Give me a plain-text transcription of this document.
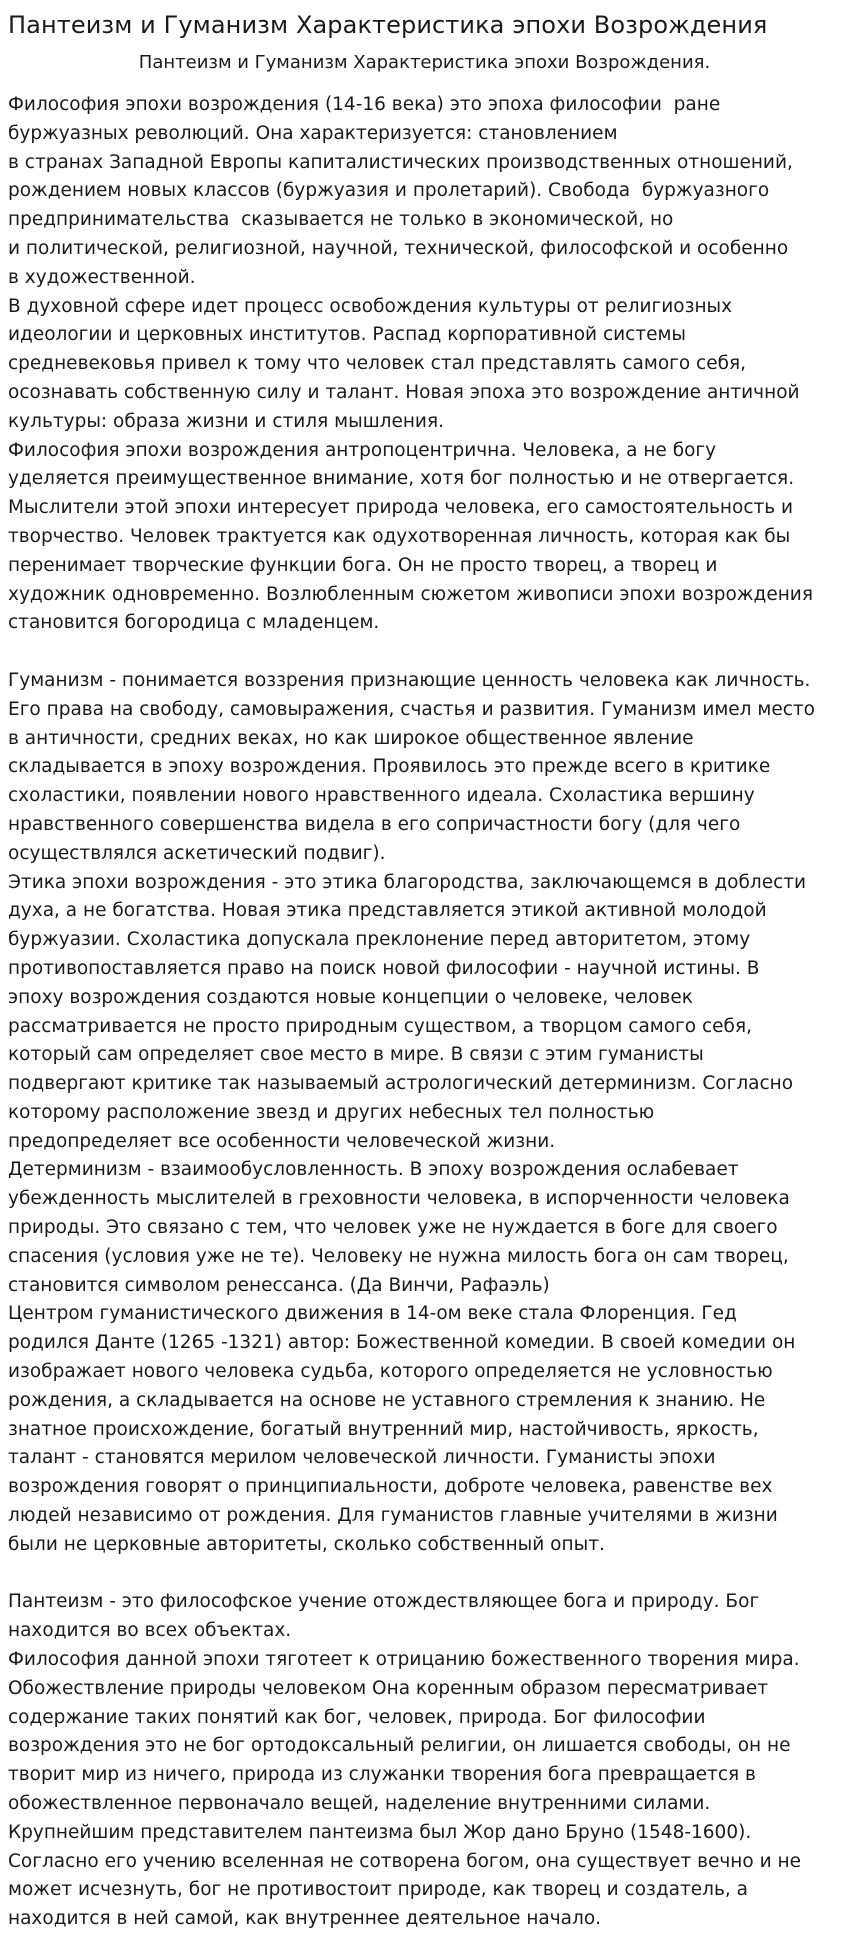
Пантеизм и Гуманизм Характеристика эпохи Возрождения

Пантеизм и Гуманизм Характеристика эпохи Возрождения.

Философия эпохи возрождения (14-16 века) это эпоха философии  ране
буржуазных революций. Она характеризуется: становлением
в странах Западной Европы капиталистических производственных отношений,
рождением новых классов (буржуазия и пролетарий). Свобода  буржуазного
предпринимательства  сказывается не только в экономической, но
и политической, религиозной, научной, технической, философской и особенно
в художественной.
В духовной сфере идет процесс освобождения культуры от религиозных
идеологии и церковных институтов. Распад корпоративной системы
средневековья привел к тому что человек стал представлять самого себя,
осознавать собственную силу и талант. Новая эпоха это возрождение античной
культуры: образа жизни и стиля мышления.
Философия эпохи возрождения антропоцентрична. Человека, а не богу
уделяется преимущественное внимание, хотя бог полностью и не отвергается.
Мыслители этой эпохи интересует природа человека, его самостоятельность и
творчество. Человек трактуется как одухотворенная личность, которая как бы
перенимает творческие функции бога. Он не просто творец, а творец и
художник одновременно. Возлюбленным сюжетом живописи эпохи возрождения
становится богородица с младенцем.
Гуманизм - понимается воззрения признающие ценность человека как личность.
Его права на свободу, самовыражения, счастья и развития. Гуманизм имел место
в античности, средних веках, но как широкое общественное явление
складывается в эпоху возрождения. Проявилось это прежде всего в критике
схоластики, появлении нового нравственного идеала. Схоластика вершину
нравственного совершенства видела в его сопричастности богу (для чего
осуществлялся аскетический подвиг).
Этика эпохи возрождения - это этика благородства, заключающемся в доблести
духа, а не богатства. Новая этика представляется этикой активной молодой
буржуазии. Схоластика допускала преклонение перед авторитетом, этому
противопоставляется право на поиск новой философии - научной истины. В
эпоху возрождения создаются новые концепции о человеке, человек
рассматривается не просто природным существом, а творцом самого себя,
который сам определяет свое место в мире. В связи с этим гуманисты
подвергают критике так называемый астрологический детерминизм. Согласно
которому расположение звезд и других небесных тел полностью
предопределяет все особенности человеческой жизни.
Детерминизм - взаимообусловленность. В эпоху возрождения ослабевает
убежденность мыслителей в греховности человека, в испорченности человека
природы. Это связано с тем, что человек уже не нуждается в боге для своего
спасения (условия уже не те). Человеку не нужна милость бога он сам творец,
становится символом ренессанса. (Да Винчи, Рафаэль)
Центром гуманистического движения в 14-ом веке стала Флоренция. Гед
родился Данте (1265 -1321) автор: Божественной комедии. В своей комедии он
изображает нового человека судьба, которого определяется не условностью
рождения, а складывается на основе не уставного стремления к знанию. Не
знатное происхождение, богатый внутренний мир, настойчивость, яркость,
талант - становятся мерилом человеческой личности. Гуманисты эпохи
возрождения говорят о принципиальности, доброте человека, равенстве вех
людей независимо от рождения. Для гуманистов главные учителями в жизни
были не церковные авторитеты, сколько собственный опыт.
Пантеизм - это философское учение отождествляющее бога и природу. Бог
находится во всех объектах.
Философия данной эпохи тяготеет к отрицанию божественного творения мира.
Обожествление природы человеком Она коренным образом пересматривает
содержание таких понятий как бог, человек, природа. Бог философии
возрождения это не бог ортодоксальный религии, он лишается свободы, он не
творит мир из ничего, природа из служанки творения бога превращается в
обожествленное первоначало вещей, наделение внутренними силами.
Крупнейшим представителем пантеизма был Жор дано Бруно (1548-1600).
Согласно его учению вселенная не сотворена богом, она существует вечно и не
может исчезнуть, бог не противостоит природе, как творец и создатель, а
находится в ней самой, как внутреннее деятельное начало.
